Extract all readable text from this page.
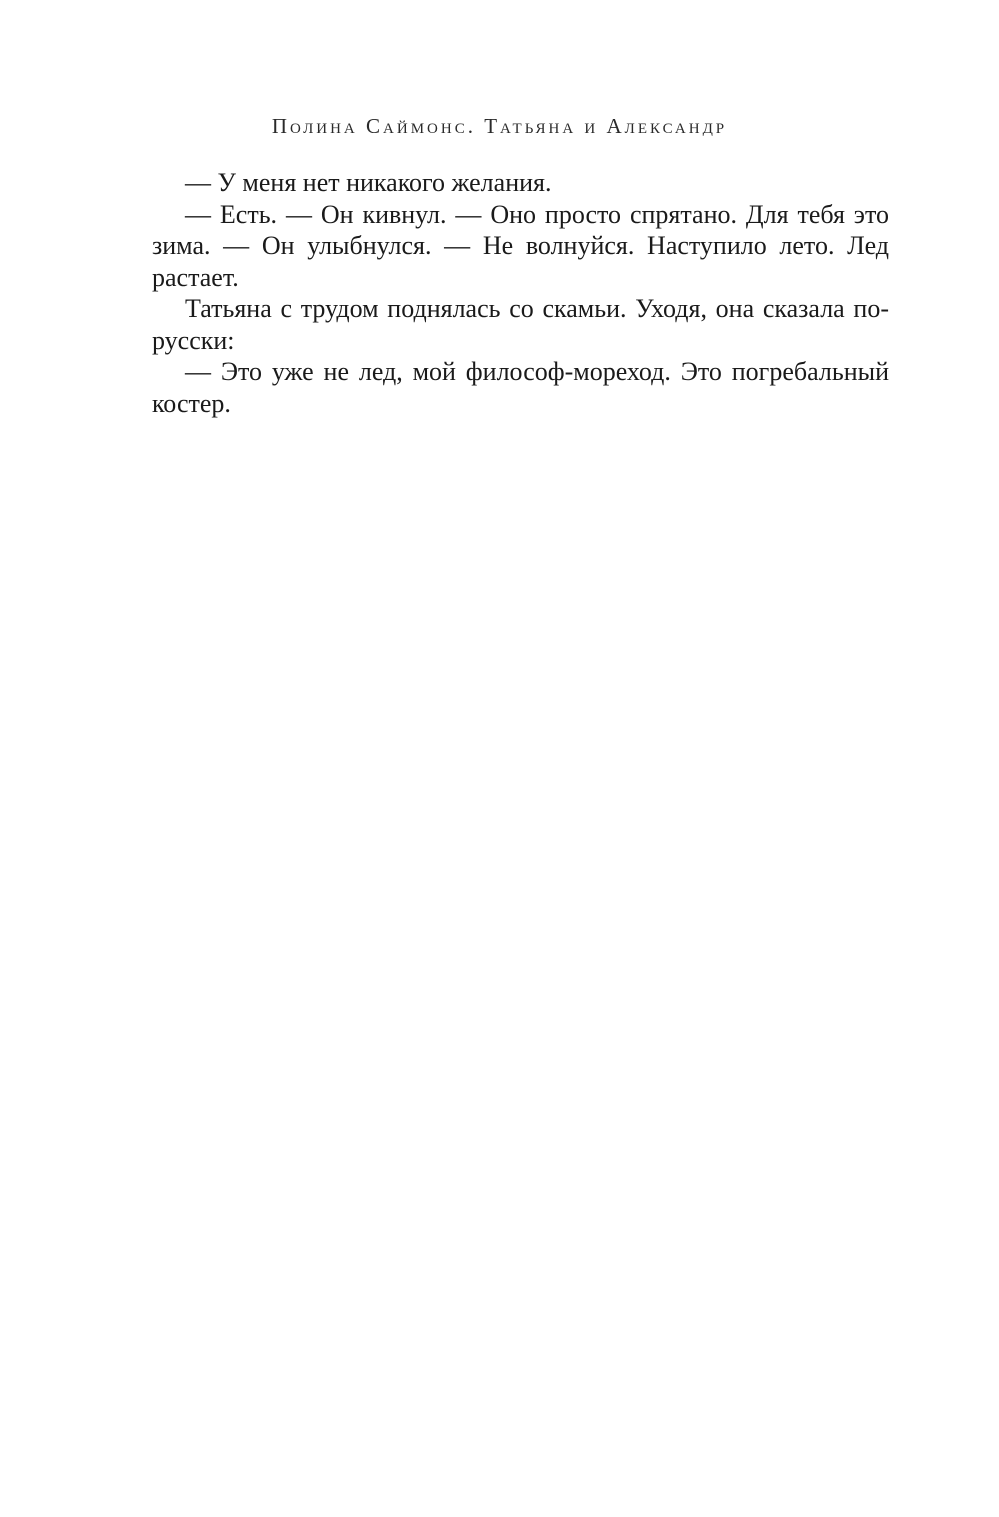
Полина Саймонс. Татьяна и Александр

— У меня нет никакого желания.

— Есть. — Он кивнул. — Оно просто спрятано. Для тебя это зима. — Он улыбнулся. — Не волнуйся. Наступило лето. Лед растает.

Татьяна с трудом поднялась со скамьи. Уходя, она сказала по-русски:

— Это уже не лед, мой философ-мореход. Это погребальный костер.
